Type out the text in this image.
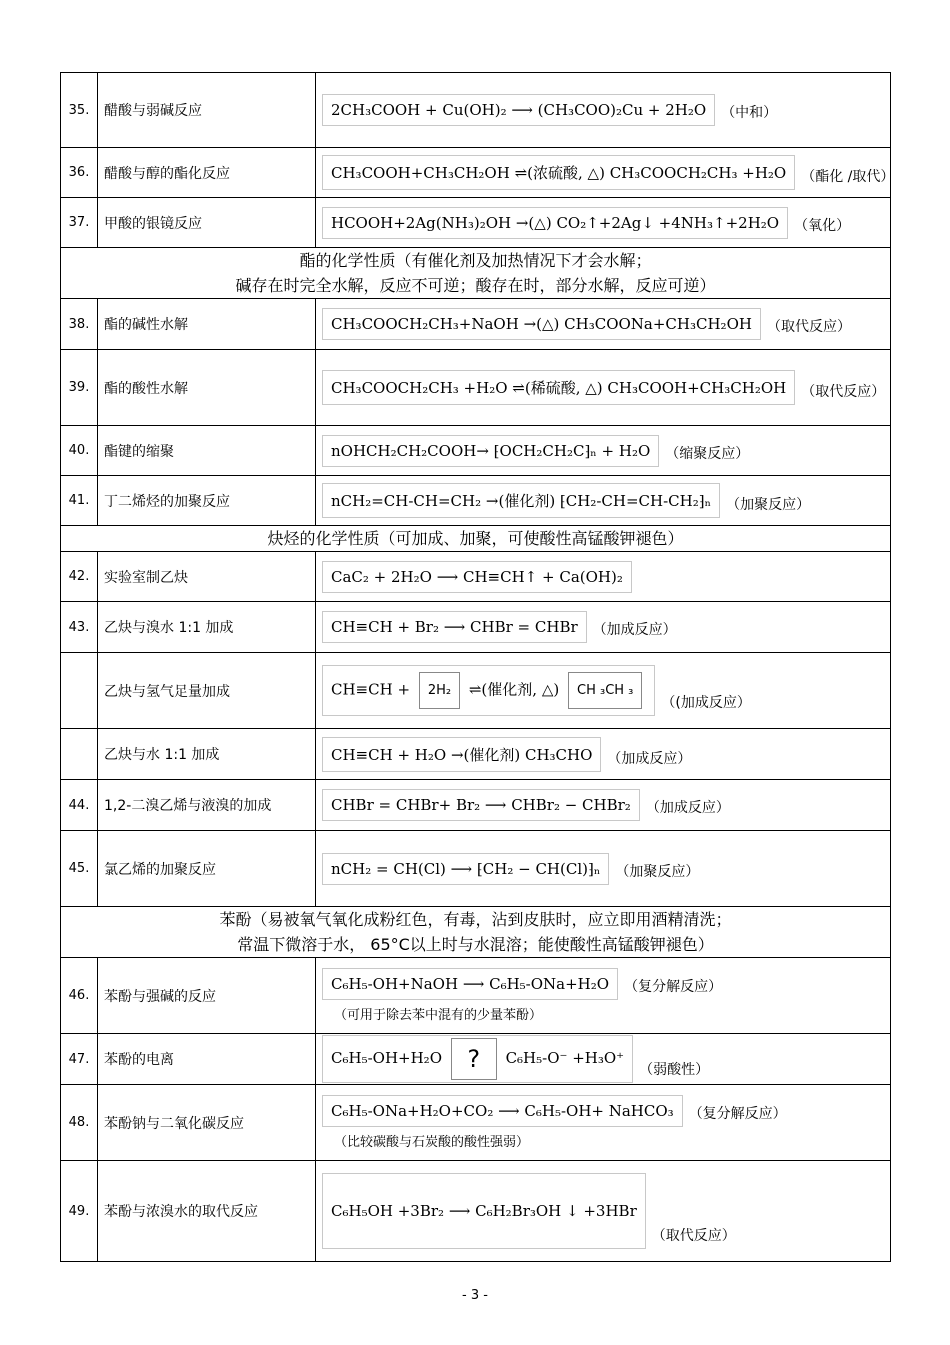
35.	醋酸与弱碱反应	2CH₃COOH + Cu(OH)₂ ⟶ (CH₃COO)₂Cu + 2H₂O （中和）

36.	醋酸与醇的酯化反应	CH₃COOH+CH₃CH₂OH ⇌(浓硫酸, △) CH₃COOCH₂CH₃ +H₂O （酯化 /取代）

37.	甲酸的银镜反应	HCOOH+2Ag(NH₃)₂OH →(△) CO₂↑+2Ag↓ +4NH₃↑+2H₂O （氧化）

酯的化学性质（有催化剂及加热情况下才会水解；
碱存在时完全水解，反应不可逆；酸存在时，部分水解，反应可逆）		

38.	酯的碱性水解	CH₃COOCH₂CH₃+NaOH →(△) CH₃COONa+CH₃CH₂OH （取代反应）

39.	酯的酸性水解	CH₃COOCH₂CH₃ +H₂O ⇌(稀硫酸, △) CH₃COOH+CH₃CH₂OH （取代反应）

40.	酯键的缩聚	nOHCH₂CH₂COOH→ ⁅OCH₂CH₂C⁆ₙ + H₂O （缩聚反应）

41.	丁二烯烃的加聚反应	nCH₂=CH-CH=CH₂ →(催化剂) ⁅CH₂-CH=CH-CH₂⁆ₙ （加聚反应）

炔烃的化学性质（可加成、加聚，可使酸性高锰酸钾褪色）		
42.	实验室制乙炔	CaC₂ + 2H₂O ⟶ CH≡CH↑ + Ca(OH)₂

43.	乙炔与溴水 1:1 加成	CH≡CH + Br₂ ⟶ CHBr = CHBr （加成反应）

	乙炔与氢气足量加成	CH≡CH + 2H₂ ⇌(催化剂, △) CH ₃CH ₃
（(加成反应）

	乙炔与水 1:1 加成	CH≡CH + H₂O →(催化剂) CH₃CHO （加成反应）

44.	1,2-二溴乙烯与液溴的加成	CHBr = CHBr+ Br₂ ⟶ CHBr₂ − CHBr₂ （加成反应）

45.	氯乙烯的加聚反应	nCH₂ = CH(Cl) ⟶ ⁅CH₂ − CH(Cl)⁆ₙ （加聚反应）

苯酚（易被氧气氧化成粉红色，有毒，沾到皮肤时，应立即用酒精清洗；
常温下微溶于水， 65°C以上时与水混溶；能使酸性高锰酸钾褪色）		

46.	苯酚与强碱的反应	C₆H₅-OH+NaOH ⟶ C₆H₅-ONa+H₂O （复分解反应）
（可用于除去苯中混有的少量苯酚）

47.	苯酚的电离	C₆H₅-OH+H₂O ? C₆H₅-O⁻ +H₃O⁺
（弱酸性）

48.	苯酚钠与二氧化碳反应	C₆H₅-ONa+H₂O+CO₂ ⟶ C₆H₅-OH+ NaHCO₃ （复分解反应）
（比较碳酸与石炭酸的酸性强弱）

49.	苯酚与浓溴水的取代反应	C₆H₅OH +3Br₂ ⟶ C₆H₂Br₃OH ↓ +3HBr
（取代反应）
- 3 -
